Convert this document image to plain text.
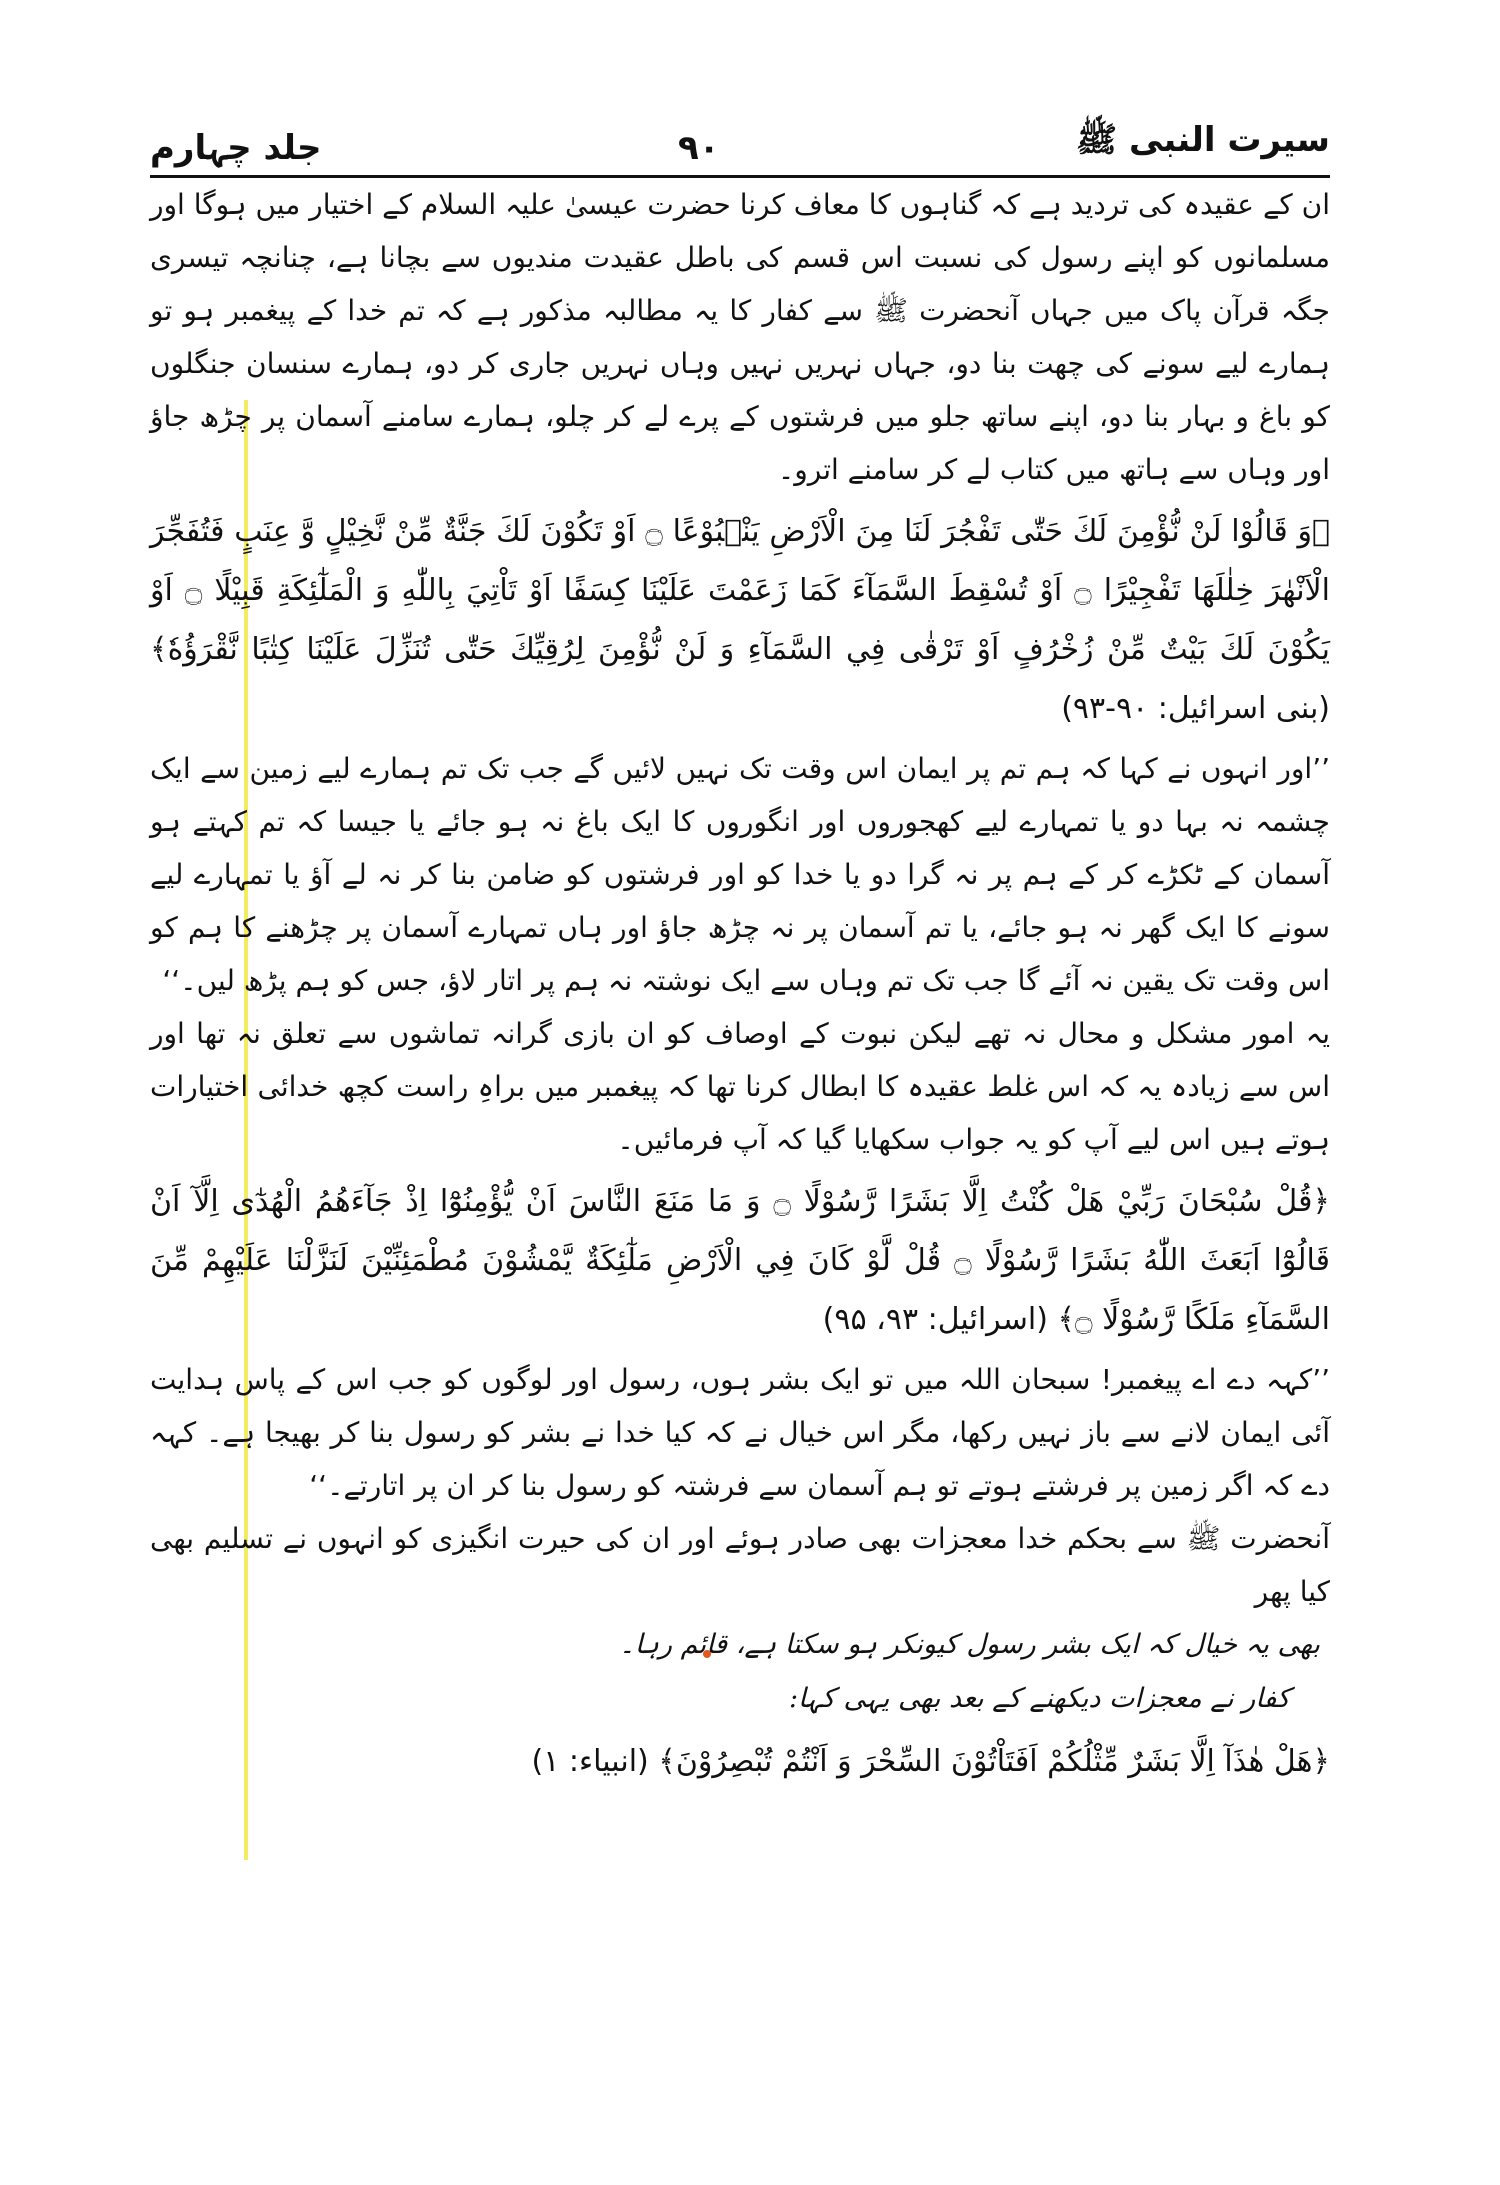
سیرت النبی ﷺ
۹۰
جلد چہارم

ان کے عقیدہ کی تردید ہے کہ گناہوں کا معاف کرنا حضرت عیسیٰ علیہ السلام کے اختیار میں ہوگا اور مسلمانوں کو اپنے رسول کی نسبت اس قسم کی باطل عقیدت مندیوں سے بچانا ہے، چنانچہ تیسری جگہ قرآن پاک میں جہاں آنحضرت ﷺ سے کفار کا یہ مطالبہ مذکور ہے کہ تم خدا کے پیغمبر ہو تو ہمارے لیے سونے کی چھت بنا دو، جہاں نہریں نہیں وہاں نہریں جاری کر دو، ہمارے سنسان جنگلوں کو باغ و بہار بنا دو، اپنے ساتھ جلو میں فرشتوں کے پرے لے کر چلو، ہمارے سامنے آسمان پر چڑھ جاؤ اور وہاں سے ہاتھ میں کتاب لے کر سامنے اترو۔

﴿وَ قَالُوْا لَنْ نُّؤْمِنَ لَكَ حَتّٰى تَفْجُرَ لَنَا مِنَ الْاَرْضِ يَنْۢبُوْعًا ۝ اَوْ تَكُوْنَ لَكَ جَنَّةٌ مِّنْ نَّخِيْلٍ وَّ عِنَبٍ فَتُفَجِّرَ الْاَنْهٰرَ خِلٰلَهَا تَفْجِيْرًا ۝ اَوْ تُسْقِطَ السَّمَآءَ كَمَا زَعَمْتَ عَلَيْنَا كِسَفًا اَوْ تَاْتِيَ بِاللّٰهِ وَ الْمَلٰٓئِكَةِ قَبِيْلًا ۝ اَوْ يَكُوْنَ لَكَ بَيْتٌ مِّنْ زُخْرُفٍ اَوْ تَرْقٰى فِي السَّمَآءِ وَ لَنْ نُّؤْمِنَ لِرُقِيِّكَ حَتّٰى تُنَزِّلَ عَلَيْنَا كِتٰبًا نَّقْرَؤُهٗ﴾ (بنی اسرائیل: ۹۰-۹۳)

’’اور انہوں نے کہا کہ ہم تم پر ایمان اس وقت تک نہیں لائیں گے جب تک تم ہمارے لیے زمین سے ایک چشمہ نہ بہا دو یا تمہارے لیے کھجوروں اور انگوروں کا ایک باغ نہ ہو جائے یا جیسا کہ تم کہتے ہو آسمان کے ٹکڑے کر کے ہم پر نہ گرا دو یا خدا کو اور فرشتوں کو ضامن بنا کر نہ لے آؤ یا تمہارے لیے سونے کا ایک گھر نہ ہو جائے، یا تم آسمان پر نہ چڑھ جاؤ اور ہاں تمہارے آسمان پر چڑھنے کا ہم کو اس وقت تک یقین نہ آئے گا جب تک تم وہاں سے ایک نوشتہ نہ ہم پر اتار لاؤ، جس کو ہم پڑھ لیں۔‘‘

یہ امور مشکل و محال نہ تھے لیکن نبوت کے اوصاف کو ان بازی گرانہ تماشوں سے تعلق نہ تھا اور اس سے زیادہ یہ کہ اس غلط عقیدہ کا ابطال کرنا تھا کہ پیغمبر میں براہِ راست کچھ خدائی اختیارات ہوتے ہیں اس لیے آپ کو یہ جواب سکھایا گیا کہ آپ فرمائیں۔

﴿قُلْ سُبْحَانَ رَبِّيْ هَلْ كُنْتُ اِلَّا بَشَرًا رَّسُوْلًا ۝ وَ مَا مَنَعَ النَّاسَ اَنْ يُّؤْمِنُوْٓا اِذْ جَآءَهُمُ الْهُدٰٓى اِلَّآ اَنْ قَالُوْٓا اَبَعَثَ اللّٰهُ بَشَرًا رَّسُوْلًا ۝ قُلْ لَّوْ كَانَ فِي الْاَرْضِ مَلٰٓئِكَةٌ يَّمْشُوْنَ مُطْمَئِنِّيْنَ لَنَزَّلْنَا عَلَيْهِمْ مِّنَ السَّمَآءِ مَلَكًا رَّسُوْلًا ۝﴾ (اسرائیل: ۹۳، ۹۵)

’’کہہ دے اے پیغمبر! سبحان اللہ میں تو ایک بشر ہوں، رسول اور لوگوں کو جب اس کے پاس ہدایت آئی ایمان لانے سے باز نہیں رکھا، مگر اس خیال نے کہ کیا خدا نے بشر کو رسول بنا کر بھیجا ہے۔ کہہ دے کہ اگر زمین پر فرشتے ہوتے تو ہم آسمان سے فرشتہ کو رسول بنا کر ان پر اتارتے۔‘‘

آنحضرت ﷺ سے بحکم خدا معجزات بھی صادر ہوئے اور ان کی حیرت انگیزی کو انہوں نے تسلیم بھی کیا پھر

بھی یہ خیال کہ ایک بشر رسول کیونکر ہو سکتا ہے، قائم رہا۔

کفار نے معجزات دیکھنے کے بعد بھی یہی کہا:

﴿هَلْ هٰذَآ اِلَّا بَشَرٌ مِّثْلُكُمْ اَفَتَاْتُوْنَ السِّحْرَ وَ اَنْتُمْ تُبْصِرُوْنَ﴾ (انبیاء: ۱)
